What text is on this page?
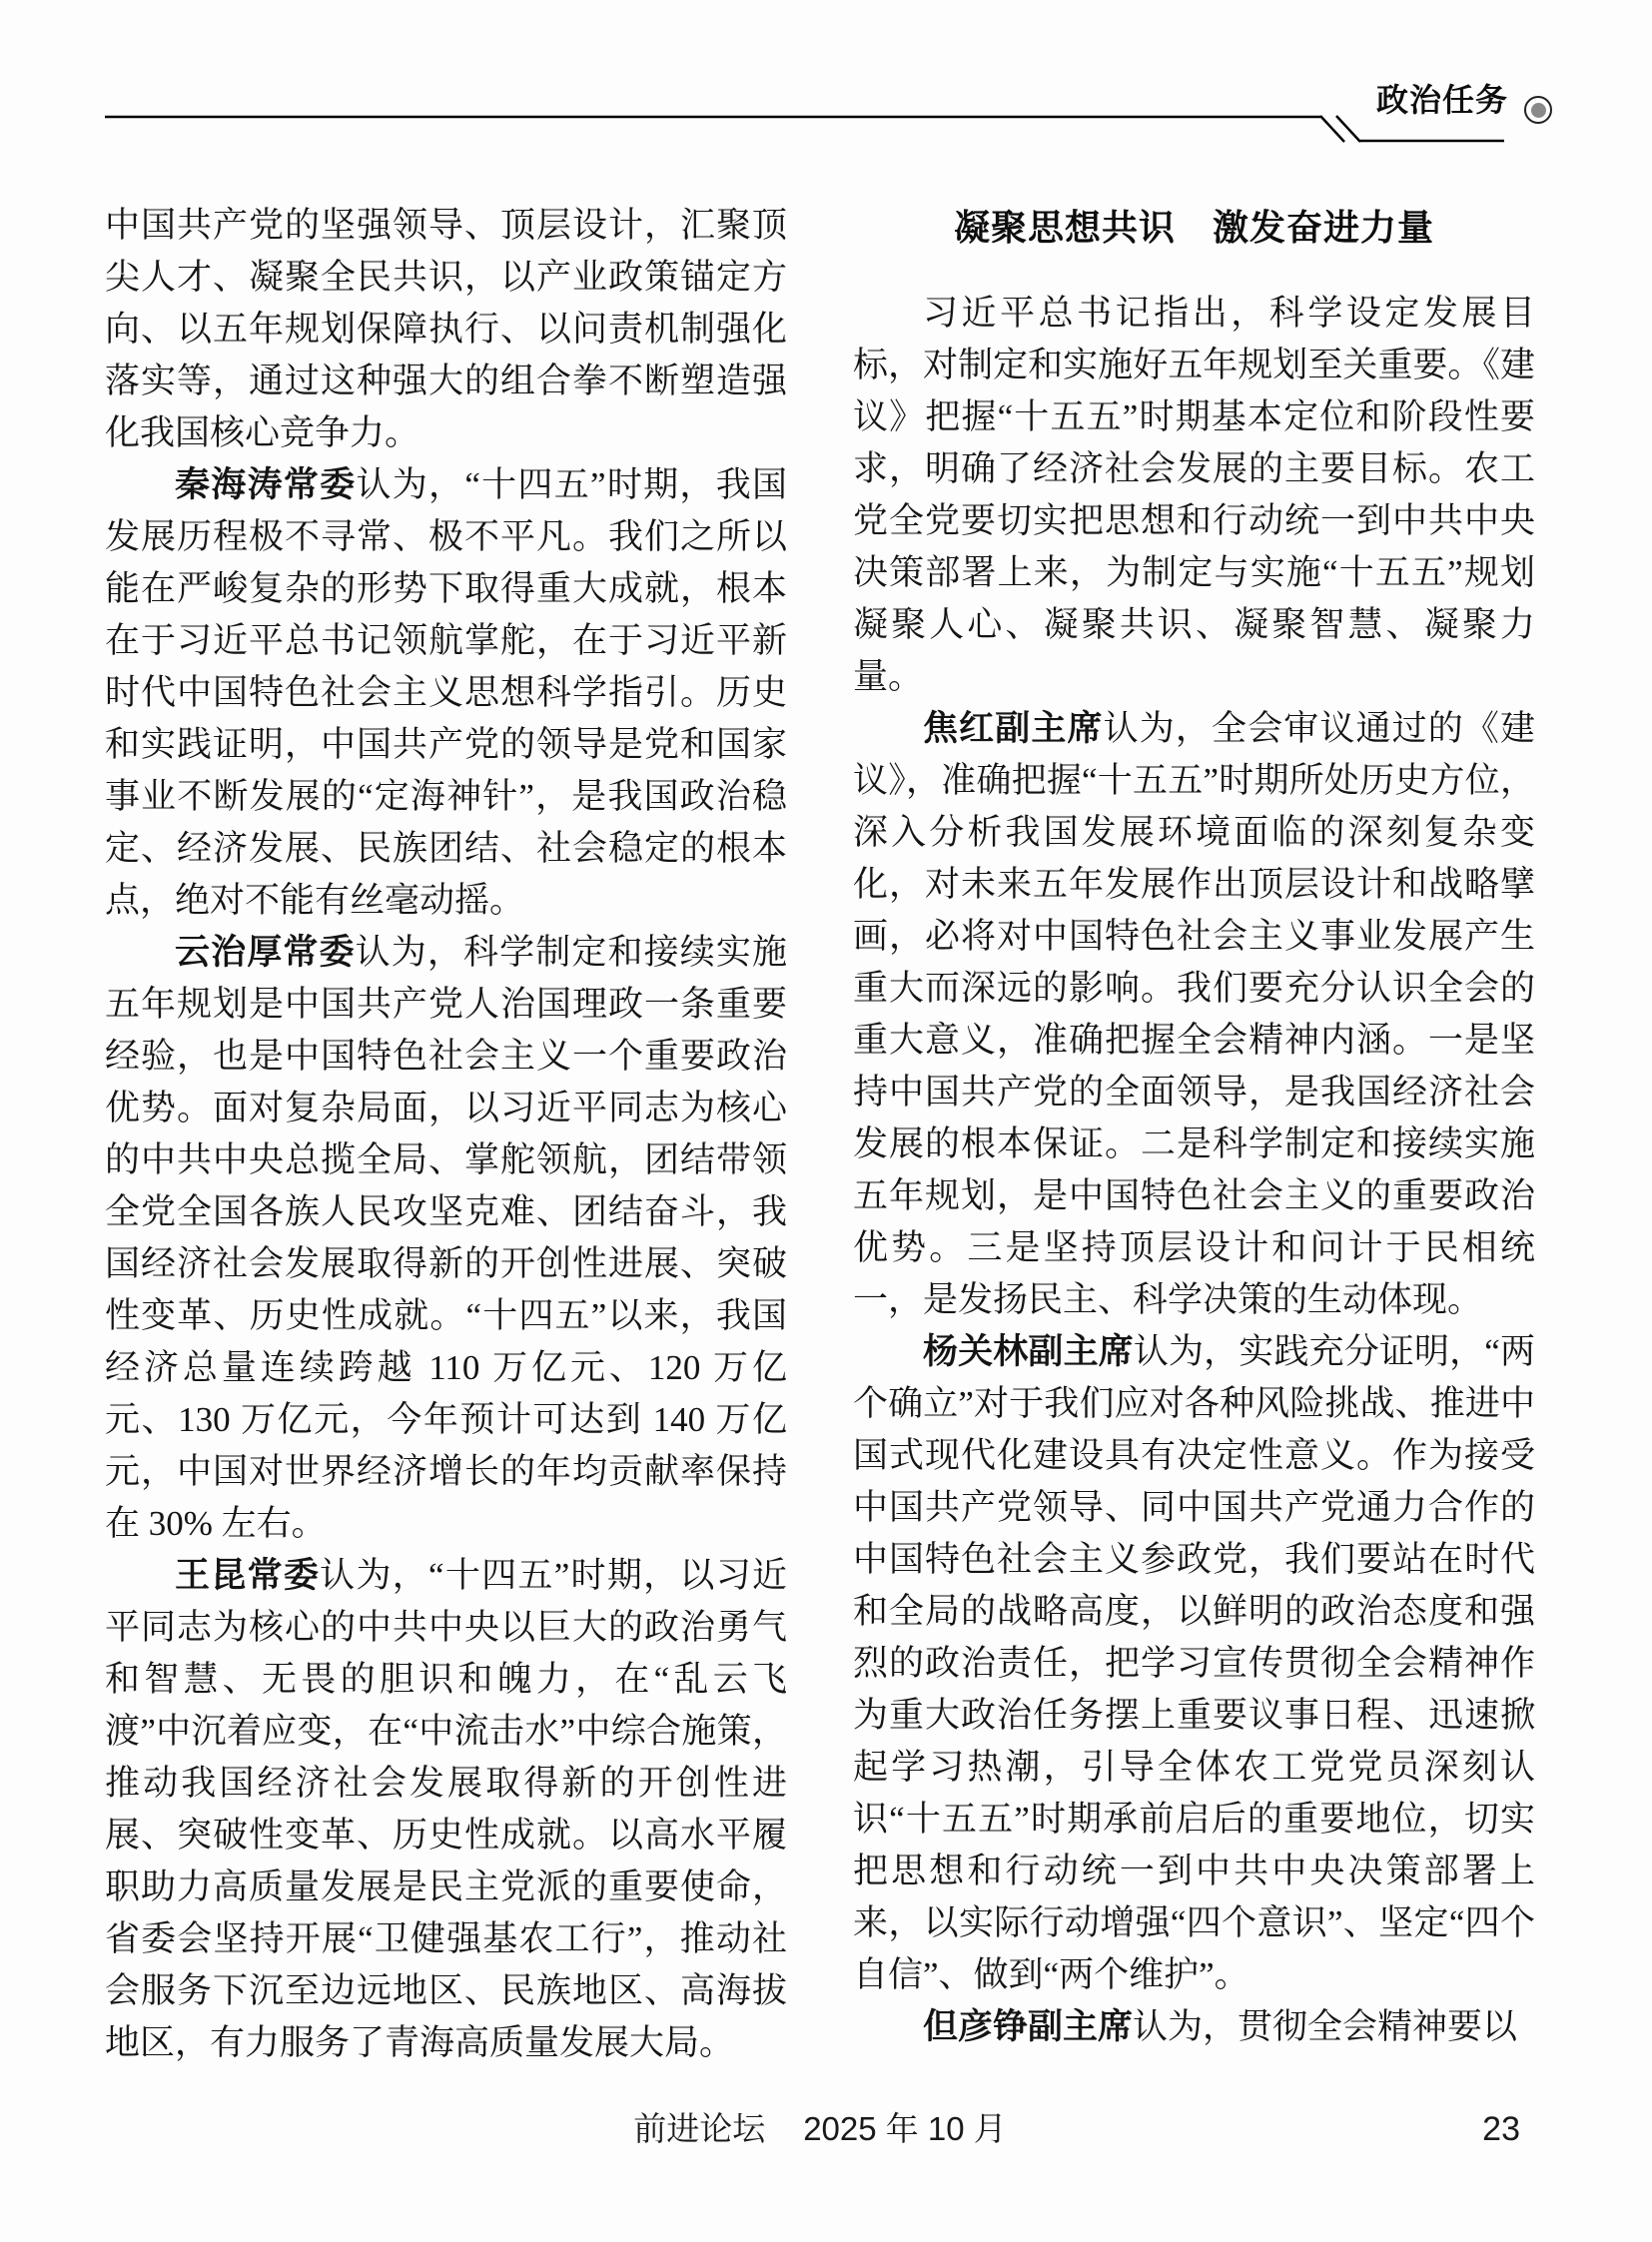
政治任务

中国共产党的坚强领导、顶层设计，汇聚顶尖人才、凝聚全民共识，以产业政策锚定方向、以五年规划保障执行、以问责机制强化落实等，通过这种强大的组合拳不断塑造强化我国核心竞争力。

秦海涛常委认为，“十四五”时期，我国发展历程极不寻常、极不平凡。我们之所以能在严峻复杂的形势下取得重大成就，根本在于习近平总书记领航掌舵，在于习近平新时代中国特色社会主义思想科学指引。历史和实践证明，中国共产党的领导是党和国家事业不断发展的“定海神针”，是我国政治稳定、经济发展、民族团结、社会稳定的根本点，绝对不能有丝毫动摇。

云治厚常委认为，科学制定和接续实施五年规划是中国共产党人治国理政一条重要经验，也是中国特色社会主义一个重要政治优势。面对复杂局面，以习近平同志为核心的中共中央总揽全局、掌舵领航，团结带领全党全国各族人民攻坚克难、团结奋斗，我国经济社会发展取得新的开创性进展、突破性变革、历史性成就。“十四五”以来，我国经济总量连续跨越 110 万亿元、120 万亿元、130 万亿元，今年预计可达到 140 万亿元，中国对世界经济增长的年均贡献率保持在 30% 左右。

王昆常委认为，“十四五”时期，以习近平同志为核心的中共中央以巨大的政治勇气和智慧、无畏的胆识和魄力，在“乱云飞渡”中沉着应变，在“中流击水”中综合施策，推动我国经济社会发展取得新的开创性进展、突破性变革、历史性成就。以高水平履职助力高质量发展是民主党派的重要使命，省委会坚持开展“卫健强基农工行”，推动社会服务下沉至边远地区、民族地区、高海拔地区，有力服务了青海高质量发展大局。

凝聚思想共识　激发奋进力量

习近平总书记指出，科学设定发展目标，对制定和实施好五年规划至关重要。《建议》把握“十五五”时期基本定位和阶段性要求，明确了经济社会发展的主要目标。农工党全党要切实把思想和行动统一到中共中央决策部署上来，为制定与实施“十五五”规划凝聚人心、凝聚共识、凝聚智慧、凝聚力量。

焦红副主席认为，全会审议通过的《建议》，准确把握“十五五”时期所处历史方位，深入分析我国发展环境面临的深刻复杂变化，对未来五年发展作出顶层设计和战略擘画，必将对中国特色社会主义事业发展产生重大而深远的影响。我们要充分认识全会的重大意义，准确把握全会精神内涵。一是坚持中国共产党的全面领导，是我国经济社会发展的根本保证。二是科学制定和接续实施五年规划，是中国特色社会主义的重要政治优势。三是坚持顶层设计和问计于民相统一，是发扬民主、科学决策的生动体现。

杨关林副主席认为，实践充分证明，“两个确立”对于我们应对各种风险挑战、推进中国式现代化建设具有决定性意义。作为接受中国共产党领导、同中国共产党通力合作的中国特色社会主义参政党，我们要站在时代和全局的战略高度，以鲜明的政治态度和强烈的政治责任，把学习宣传贯彻全会精神作为重大政治任务摆上重要议事日程、迅速掀起学习热潮，引导全体农工党党员深刻认识“十五五”时期承前启后的重要地位，切实把思想和行动统一到中共中央决策部署上来，以实际行动增强“四个意识”、坚定“四个自信”、做到“两个维护”。

但彦铮副主席认为，贯彻全会精神要以

前进论坛 2025 年 10 月	23
